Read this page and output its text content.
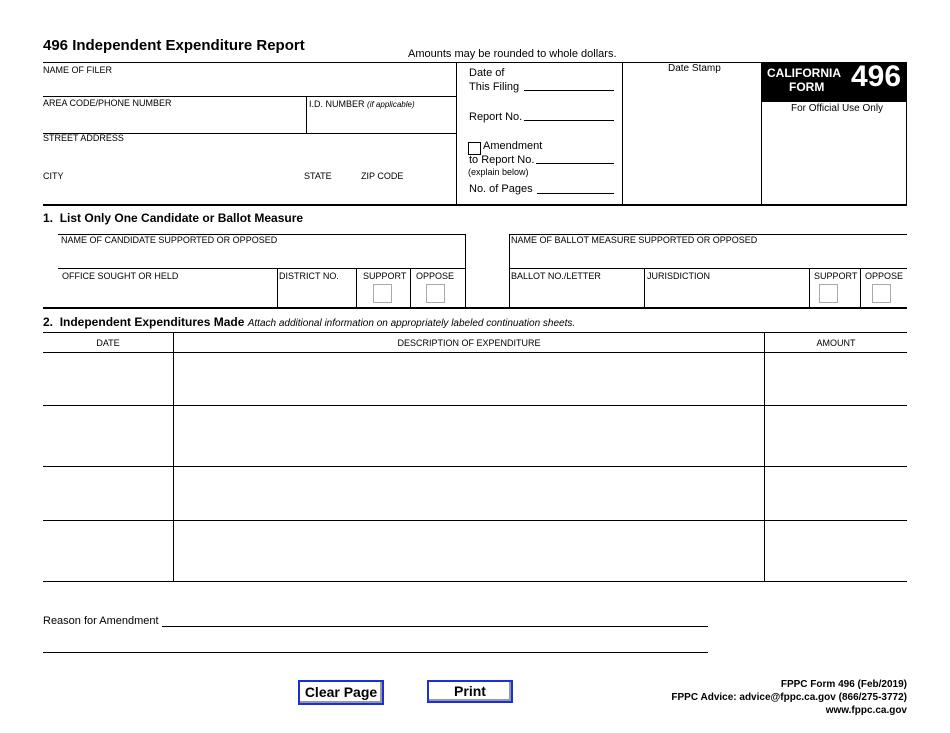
496 Independent Expenditure Report	Amounts may be rounded to whole dollars.
NAME OF FILER
AREA CODE/PHONE NUMBER	I.D. NUMBER (if applicable)
STREET ADDRESS
CITY	STATE	ZIP CODE
Date of
This Filing
Report No.
Amendment
to Report No.
(explain below)
No. of Pages
Date Stamp	CALIFORNIA
FORM 496
For Official Use Only
1. List Only One Candidate or Ballot Measure
NAME OF CANDIDATE SUPPORTED OR OPPOSED
OFFICE SOUGHT OR HELD	DISTRICT NO.	SUPPORT OPPOSE
NAME OF BALLOT MEASURE SUPPORTED OR OPPOSED
BALLOT NO./LETTER	JURISDICTION	SUPPORT OPPOSE
2. Independent Expenditures Made Attach additional information on appropriately labeled continuation sheets.
DATE	DESCRIPTION OF EXPENDITURE	AMOUNT
Reason for Amendment
Clear Page	Print	FPPC Form 496 (Feb/2019)
FPPC Advice: advice@fppc.ca.gov (866/275-3772)
www.fppc.ca.gov
